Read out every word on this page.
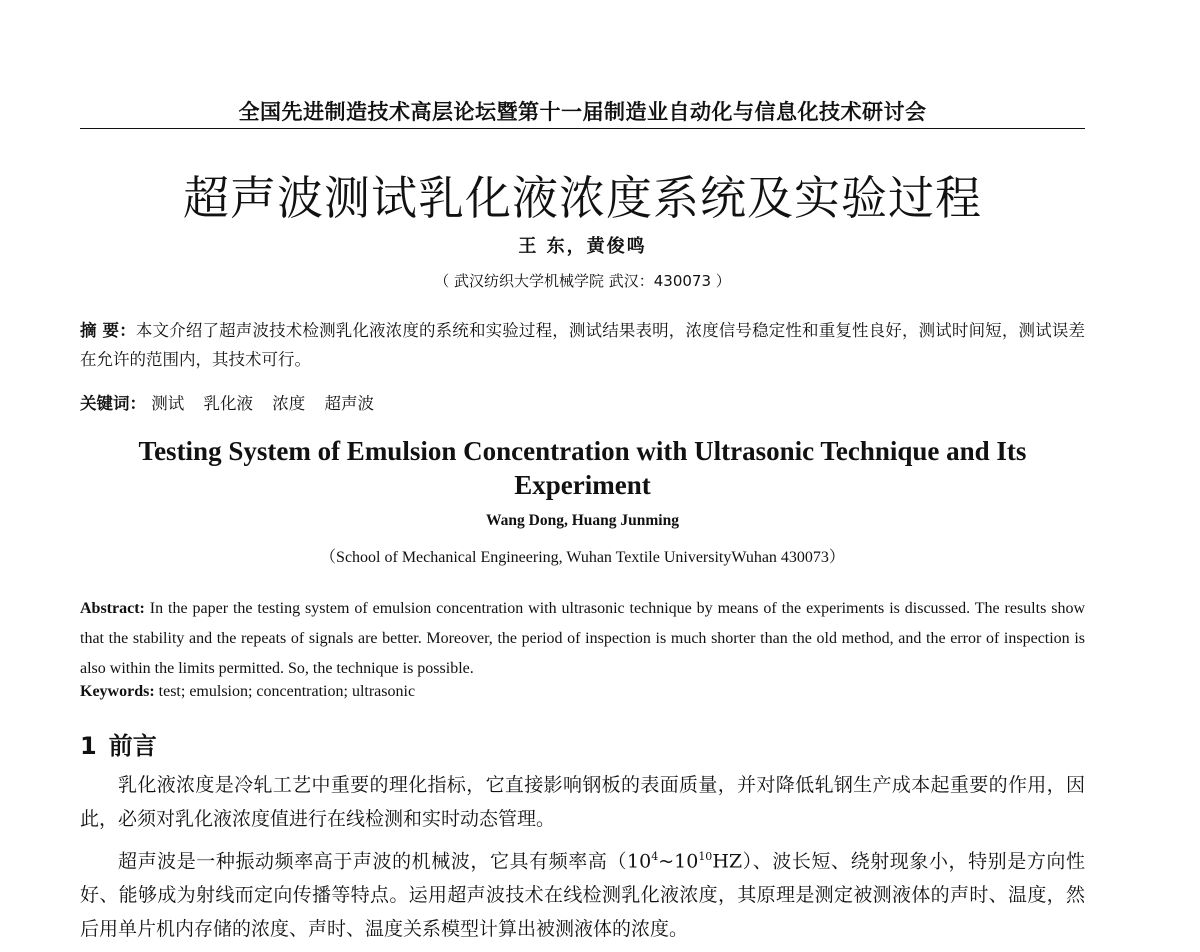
全国先进制造技术高层论坛暨第十一届制造业自动化与信息化技术研讨会
超声波测试乳化液浓度系统及实验过程
王 东，黄俊鸣
（ 武汉纺织大学机械学院 武汉：430073 ）
摘 要：本文介绍了超声波技术检测乳化液浓度的系统和实验过程，测试结果表明，浓度信号稳定性和重复性良好，测试时间短，测试误差在允许的范围内，其技术可行。
关键词： 测试 乳化液 浓度 超声波
Testing System of Emulsion Concentration with Ultrasonic Technique and Its Experiment
Wang Dong, Huang Junming
（School of Mechanical Engineering, Wuhan Textile UniversityWuhan 430073）
Abstract: In the paper the testing system of emulsion concentration with ultrasonic technique by means of the experiments is discussed. The results show that the stability and the repeats of signals are better. Moreover, the period of inspection is much shorter than the old method, and the error of inspection is also within the limits permitted. So, the technique is possible.
Keywords: test; emulsion; concentration; ultrasonic
1 前言

乳化液浓度是冷轧工艺中重要的理化指标，它直接影响钢板的表面质量，并对降低轧钢生产成本起重要的作用，因此，必须对乳化液浓度值进行在线检测和实时动态管理。

超声波是一种振动频率高于声波的机械波，它具有频率高$(10^4\sim 10^{10}HZ)$、波长短、绕射现象小，特别是方向性好、能够成为射线而定向传播等特点。运用超声波技术在线检测乳化液浓度，其原理是测定被测液体的声时、温度，然后用单片机内存储的浓度、声时、温度关系模型计算出被测液体的浓度。
